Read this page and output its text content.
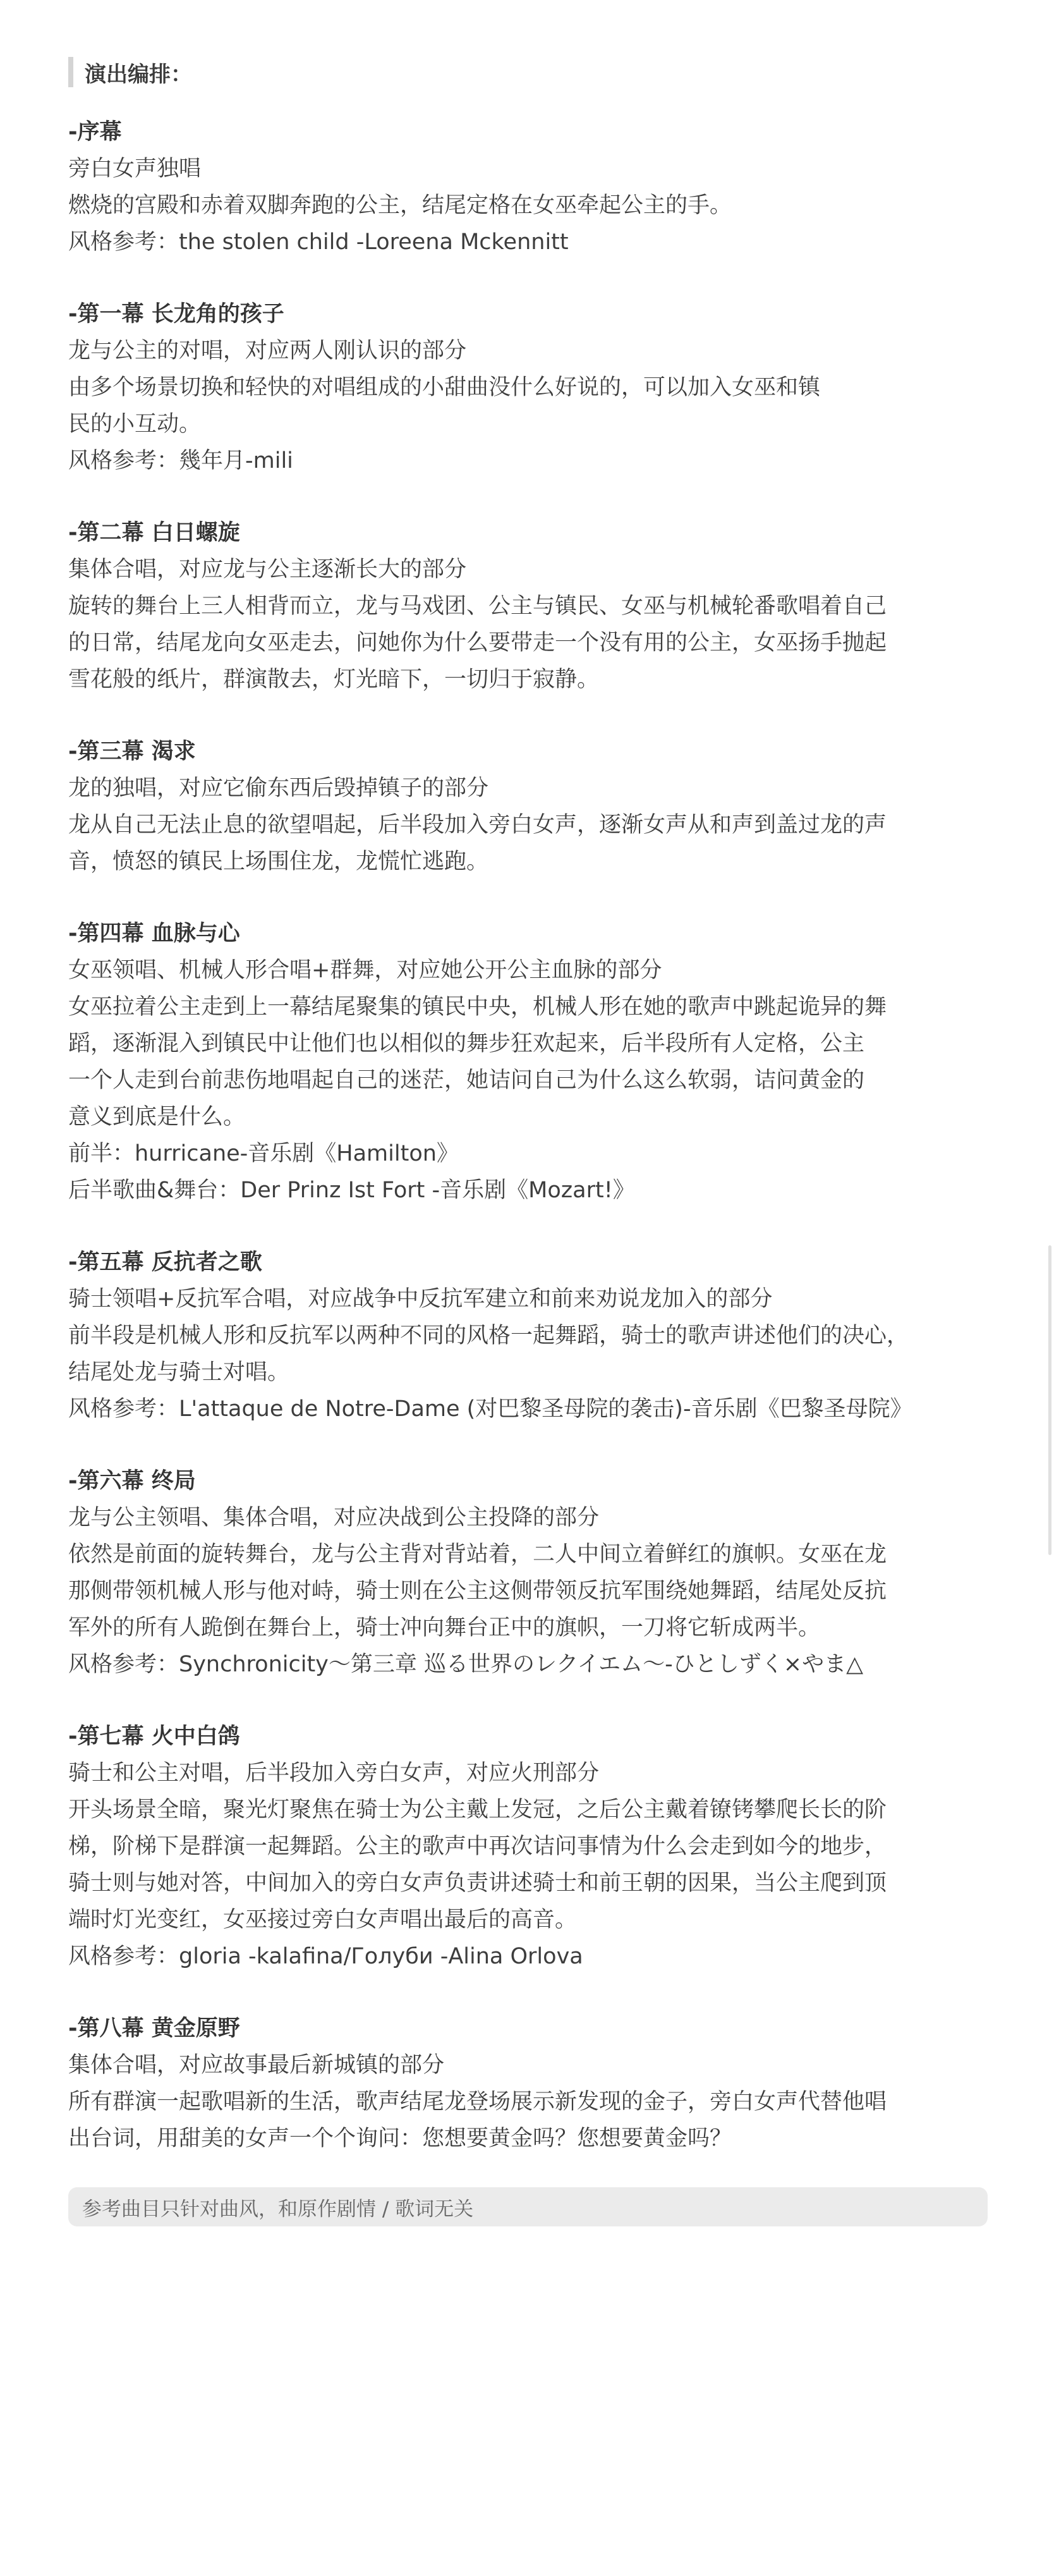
演出编排：
-序幕
旁白女声独唱
燃烧的宫殿和赤着双脚奔跑的公主，结尾定格在女巫牵起公主的手。
风格参考：the stolen child -Loreena Mckennitt
-第一幕 长龙角的孩子
龙与公主的对唱，对应两人刚认识的部分
由多个场景切换和轻快的对唱组成的小甜曲没什么好说的，可以加入女巫和镇
民的小互动。
风格参考：幾年月-mili
-第二幕 白日螺旋
集体合唱，对应龙与公主逐渐长大的部分
旋转的舞台上三人相背而立，龙与马戏团、公主与镇民、女巫与机械轮番歌唱着自己
的日常，结尾龙向女巫走去，问她你为什么要带走一个没有用的公主，女巫扬手抛起
雪花般的纸片，群演散去，灯光暗下，一切归于寂静。
-第三幕 渴求
龙的独唱，对应它偷东西后毁掉镇子的部分
龙从自己无法止息的欲望唱起，后半段加入旁白女声，逐渐女声从和声到盖过龙的声
音，愤怒的镇民上场围住龙，龙慌忙逃跑。
-第四幕 血脉与心
女巫领唱、机械人形合唱+群舞，对应她公开公主血脉的部分
女巫拉着公主走到上一幕结尾聚集的镇民中央，机械人形在她的歌声中跳起诡异的舞
蹈，逐渐混入到镇民中让他们也以相似的舞步狂欢起来，后半段所有人定格，公主
一个人走到台前悲伤地唱起自己的迷茫，她诘问自己为什么这么软弱，诘问黄金的
意义到底是什么。
前半：hurricane-音乐剧《Hamilton》
后半歌曲&舞台：Der Prinz Ist Fort -音乐剧《Mozart!》
-第五幕 反抗者之歌
骑士领唱+反抗军合唱，对应战争中反抗军建立和前来劝说龙加入的部分
前半段是机械人形和反抗军以两种不同的风格一起舞蹈，骑士的歌声讲述他们的决心，
结尾处龙与骑士对唱。
风格参考：L'attaque de Notre-Dame (对巴黎圣母院的袭击)-音乐剧《巴黎圣母院》
-第六幕 终局
龙与公主领唱、集体合唱，对应决战到公主投降的部分
依然是前面的旋转舞台，龙与公主背对背站着，二人中间立着鲜红的旗帜。女巫在龙
那侧带领机械人形与他对峙，骑士则在公主这侧带领反抗军围绕她舞蹈，结尾处反抗
军外的所有人跪倒在舞台上，骑士冲向舞台正中的旗帜，一刀将它斩成两半。
风格参考：Synchronicity～第三章 巡る世界のレクイエム～-ひとしずく×やま△
-第七幕 火中白鸽
骑士和公主对唱，后半段加入旁白女声，对应火刑部分
开头场景全暗，聚光灯聚焦在骑士为公主戴上发冠，之后公主戴着镣铐攀爬长长的阶
梯，阶梯下是群演一起舞蹈。公主的歌声中再次诘问事情为什么会走到如今的地步，
骑士则与她对答，中间加入的旁白女声负责讲述骑士和前王朝的因果，当公主爬到顶
端时灯光变红，女巫接过旁白女声唱出最后的高音。
风格参考：gloria -kalafina/Голуби -Alina Orlova
-第八幕 黄金原野
集体合唱，对应故事最后新城镇的部分
所有群演一起歌唱新的生活，歌声结尾龙登场展示新发现的金子，旁白女声代替他唱
出台词，用甜美的女声一个个询问：您想要黄金吗？您想要黄金吗？
参考曲目只针对曲风，和原作剧情 / 歌词无关
